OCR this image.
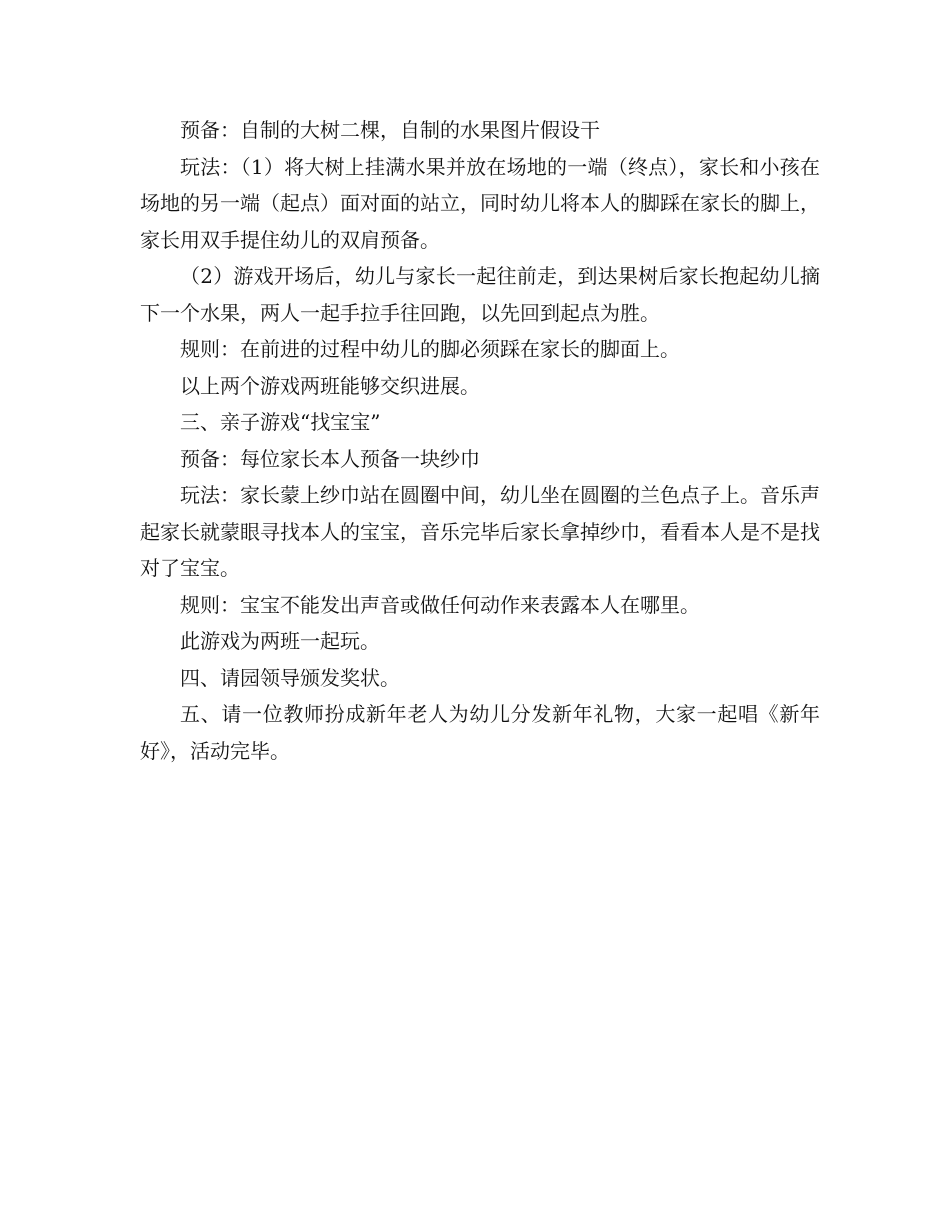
预备：自制的大树二棵，自制的水果图片假设干

玩法：（1）将大树上挂满水果并放在场地的一端（终点），家长和小孩在场地的另一端（起点）面对面的站立，同时幼儿将本人的脚踩在家长的脚上，家长用双手提住幼儿的双肩预备。

（2）游戏开场后，幼儿与家长一起往前走，到达果树后家长抱起幼儿摘下一个水果，两人一起手拉手往回跑，以先回到起点为胜。

规则：在前进的过程中幼儿的脚必须踩在家长的脚面上。

以上两个游戏两班能够交织进展。

三、亲子游戏“找宝宝”

预备：每位家长本人预备一块纱巾

玩法：家长蒙上纱巾站在圆圈中间，幼儿坐在圆圈的兰色点子上。音乐声起家长就蒙眼寻找本人的宝宝，音乐完毕后家长拿掉纱巾，看看本人是不是找对了宝宝。

规则：宝宝不能发出声音或做任何动作来表露本人在哪里。

此游戏为两班一起玩。

四、请园领导颁发奖状。

五、请一位教师扮成新年老人为幼儿分发新年礼物，大家一起唱《新年好》，活动完毕。
